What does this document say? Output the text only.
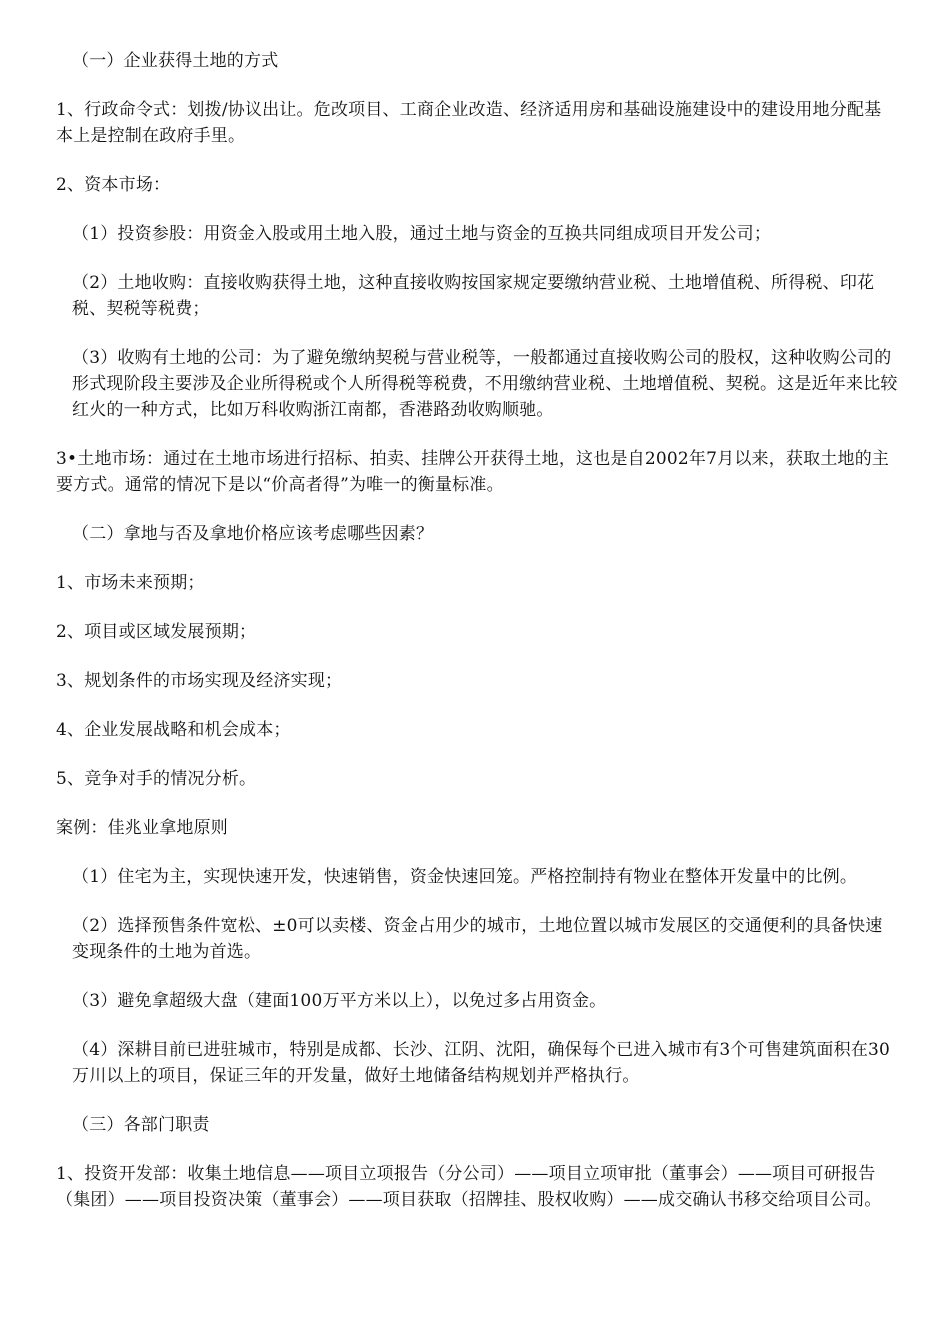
（一）企业获得土地的方式

1、行政命令式：划拨/协议出让。危改项目、工商企业改造、经济适用房和基础设施建设中的建设用地分配基本上是控制在政府手里。

2、资本市场：

（1）投资参股：用资金入股或用土地入股，通过土地与资金的互换共同组成项目开发公司；

（2）土地收购：直接收购获得土地，这种直接收购按国家规定要缴纳营业税、土地增值税、所得税、印花税、契税等税费；

（3）收购有土地的公司：为了避免缴纳契税与营业税等，一般都通过直接收购公司的股权，这种收购公司的形式现阶段主要涉及企业所得税或个人所得税等税费，不用缴纳营业税、土地增值税、契税。这是近年来比较红火的一种方式，比如万科收购浙江南都，香港路劲收购顺驰。

3•土地市场：通过在土地市场进行招标、拍卖、挂牌公开获得土地，这也是自2002年7月以来，获取土地的主要方式。通常的情况下是以“价高者得”为唯一的衡量标准。

（二）拿地与否及拿地价格应该考虑哪些因素？

1、市场未来预期；

2、项目或区域发展预期；

3、规划条件的市场实现及经济实现；

4、企业发展战略和机会成本；

5、竞争对手的情况分析。

案例：佳兆业拿地原则

（1）住宅为主，实现快速开发，快速销售，资金快速回笼。严格控制持有物业在整体开发量中的比例。

（2）选择预售条件宽松、±0可以卖楼、资金占用少的城市，土地位置以城市发展区的交通便利的具备快速变现条件的土地为首选。

（3）避免拿超级大盘（建面100万平方米以上），以免过多占用资金。

（4）深耕目前已进驻城市，特别是成都、长沙、江阴、沈阳，确保每个已进入城市有3个可售建筑面积在30万川以上的项目，保证三年的开发量，做好土地储备结构规划并严格执行。

（三）各部门职责

1、投资开发部：收集土地信息——项目立项报告（分公司）——项目立项审批（董事会）——项目可研报告（集团）——项目投资决策（董事会）——项目获取（招牌挂、股权收购）——成交确认书移交给项目公司。
